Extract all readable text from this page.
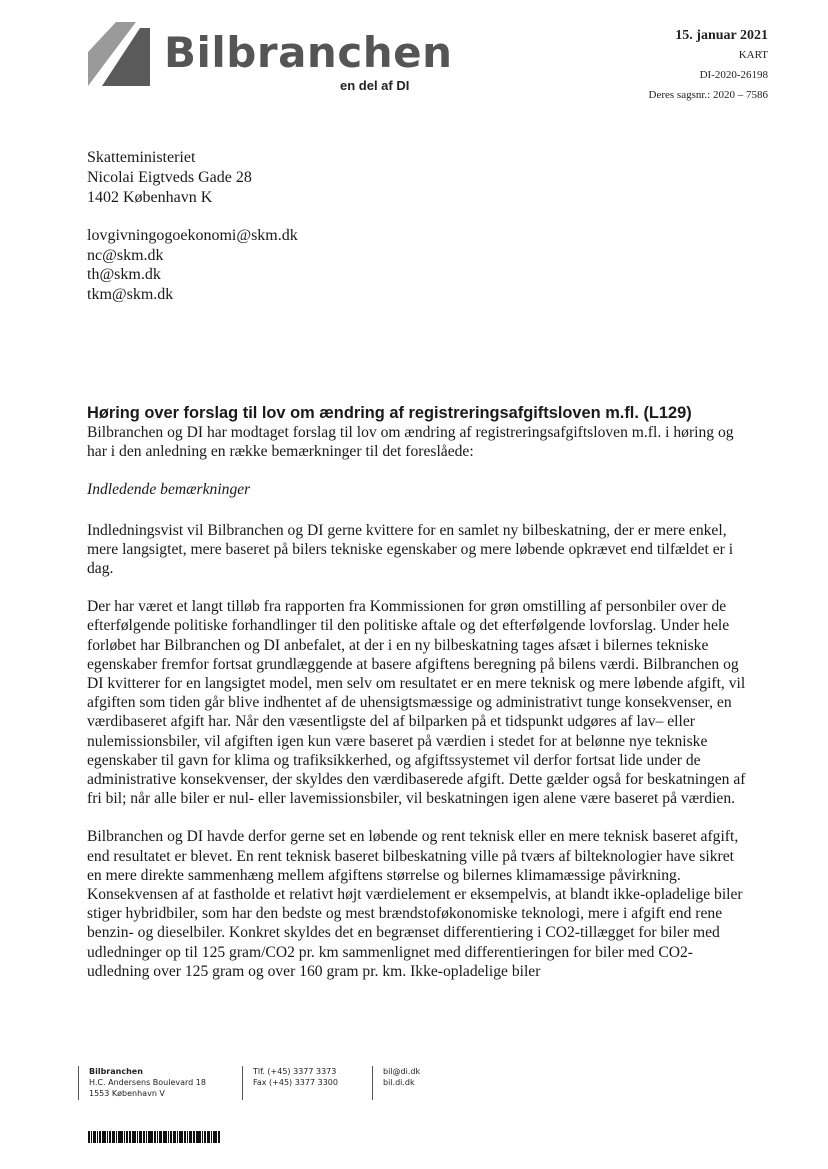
Bilbranchen
en del af DI
15. januar 2021
KART
DI-2020-26198
Deres sagsnr.: 2020 – 7586
Skatteministeriet
Nicolai Eigtveds Gade 28
1402 København K
lovgivningogoekonomi@skm.dk
nc@skm.dk
th@skm.dk
tkm@skm.dk
Høring over forslag til lov om ændring af registreringsafgiftsloven m.fl. (L129)

Bilbranchen og DI har modtaget forslag til lov om ændring af registreringsafgiftsloven m.fl. i høring og har i den anledning en række bemærkninger til det foreslåede:

Indledende bemærkninger

Indledningsvist vil Bilbranchen og DI gerne kvittere for en samlet ny bilbeskatning, der er mere enkel, mere langsigtet, mere baseret på bilers tekniske egenskaber og mere løbende opkrævet end tilfældet er i dag.

Der har været et langt tilløb fra rapporten fra Kommissionen for grøn omstilling af personbiler over de efterfølgende politiske forhandlinger til den politiske aftale og det efterfølgende lovforslag. Under hele forløbet har Bilbranchen og DI anbefalet, at der i en ny bilbeskatning tages afsæt i bilernes tekniske egenskaber fremfor fortsat grundlæggende at basere afgiftens beregning på bilens værdi. Bilbranchen og DI kvitterer for en langsigtet model, men selv om resultatet er en mere teknisk og mere løbende afgift, vil afgiften som tiden går blive indhentet af de uhensigtsmæssige og administrativt tunge konsekvenser, en værdibaseret afgift har. Når den væsentligste del af bilparken på et tidspunkt udgøres af lav– eller nulemissionsbiler, vil afgiften igen kun være baseret på værdien i stedet for at belønne nye tekniske egenskaber til gavn for klima og trafiksikkerhed, og afgiftssystemet vil derfor fortsat lide under de administrative konsekvenser, der skyldes den værdibaserede afgift. Dette gælder også for beskatningen af fri bil; når alle biler er nul- eller lavemissionsbiler, vil beskatningen igen alene være baseret på værdien.

Bilbranchen og DI havde derfor gerne set en løbende og rent teknisk eller en mere teknisk baseret afgift, end resultatet er blevet. En rent teknisk baseret bilbeskatning ville på tværs af bilteknologier have sikret en mere direkte sammenhæng mellem afgiftens størrelse og bilernes klimamæssige påvirkning. Konsekvensen af at fastholde et relativt højt værdielement er eksempelvis, at blandt ikke-opladelige biler stiger hybridbiler, som har den bedste og mest brændstoføkonomiske teknologi, mere i afgift end rene benzin- og dieselbiler. Konkret skyldes det en begrænset differentiering i CO2-tillægget for biler med udledninger op til 125 gram/CO2 pr. km sammenlignet med differentieringen for biler med CO2-udledning over 125 gram og over 160 gram pr. km. Ikke-opladelige biler

Bilbranchen
H.C. Andersens Boulevard 18
1553 København V
Tlf. (+45) 3377 3373
Fax (+45) 3377 3300
bil@di.dk
bil.di.dk
